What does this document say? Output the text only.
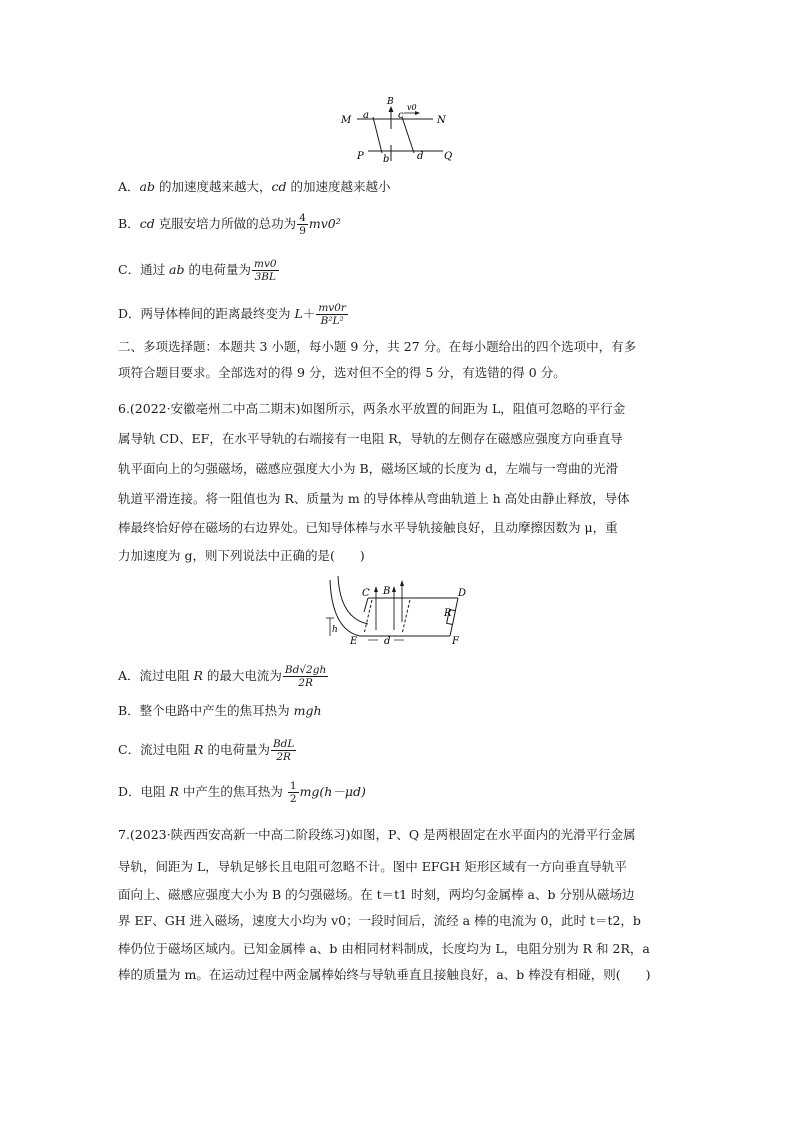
M	N
P	Q
a
b
c
d
B
v0
A．ab 的加速度越来越大，cd 的加速度越来越小
B．cd 克服安培力所做的总功为 $\frac{4}{9} mv0^2$
C．通过 ab 的电荷量为 $\frac{mv0}{3BL}$
D．两导体棒间的距离最终变为 $L+ \frac{mv0r}{\text{B²L²}}$
二、多项选择题：本题共 3 小题，每小题 9 分，共 27 分。在每小题给出的四个选项中，有多
项符合题目要求。全部选对的得 9 分，选对但不全的得 5 分，有选错的得 0 分。
6.(2022·安徽亳州二中高二期末)如图所示，两条水平放置的间距为 L，阻值可忽略的平行金
属导轨 CD、EF，在水平导轨的右端接有一电阻 R，导轨的左侧存在磁感应强度方向垂直导
轨平面向上的匀强磁场，磁感应强度大小为 B，磁场区域的长度为 d，左端与一弯曲的光滑
轨道平滑连接。将一阻值也为 R、质量为 m 的导体棒从弯曲轨道上 h 高处由静止释放，导体
棒最终恰好停在磁场的右边界处。已知导体棒与水平导轨接触良好，且动摩擦因数为 μ，重
力加速度为 g，则下列说法中正确的是(　　)
C B	D
R
E	F
h
d
A．流过电阻 R 的最大电流为 $\frac{Bd√2gh}{2R}$
B．整个电路中产生的焦耳热为 mgh
C．流过电阻 R 的电荷量为 $\frac{\text{BdL}}{2R}$
D．电阻 R 中产生的焦耳热为 $\frac{1}{2} mg(h-\mu d)$
7.(2023·陕西西安高新一中高二阶段练习)如图，P、Q 是两根固定在水平面内的光滑平行金属
导轨，间距为 L，导轨足够长且电阻可忽略不计。图中 EFGH 矩形区域有一方向垂直导轨平
面向上、磁感应强度大小为 B 的匀强磁场。在 t＝t1 时刻，两均匀金属棒 a、b 分别从磁场边
界 EF、GH 进入磁场，速度大小均为 v0；一段时间后，流经 a 棒的电流为 0，此时 t＝t2，b
棒仍位于磁场区域内。已知金属棒 a、b 由相同材料制成，长度均为 L，电阻分别为 R 和 2R，a
棒的质量为 m。在运动过程中两金属棒始终与导轨垂直且接触良好，a、b 棒没有相碰，则(　　)
